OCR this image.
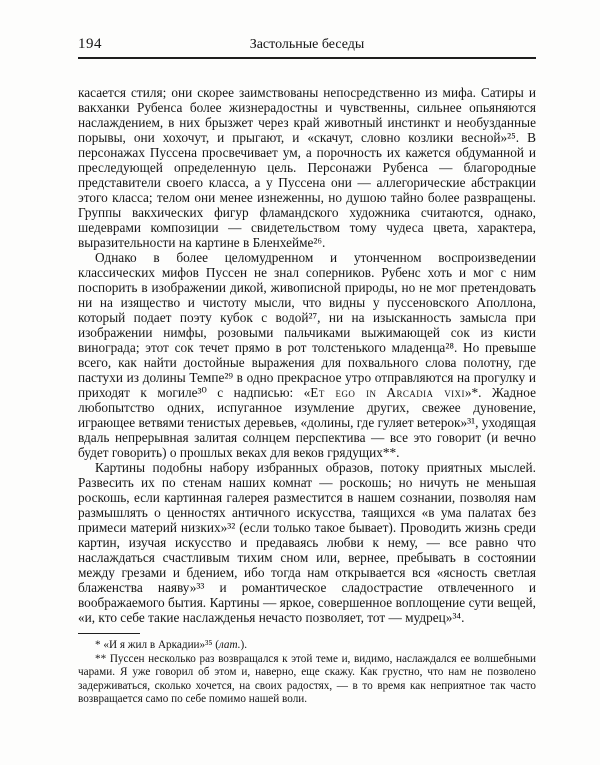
194	Застольные беседы

касается стиля; они скорее заимствованы непосредственно из мифа. Сатиры и вакханки Рубенса более жизнерадостны и чувственны, сильнее опьяняются наслаждением, в них брызжет через край животный инстинкт и необузданные порывы, они хохочут, и прыгают, и «скачут, словно козлики весной»²⁵. В персонажах Пуссена просвечивает ум, а порочность их кажется обдуманной и преследующей определенную цель. Персонажи Рубенса — благородные представители своего класса, а у Пуссена они — аллегорические абстракции этого класса; телом они менее изнеженны, но душою тайно более развращены. Группы вакхических фигур фламандского художника считаются, однако, шедеврами композиции — свидетельством тому чудеса цвета, характера, выразительности на картине в Бленхейме²⁶.

Однако в более целомудренном и утонченном воспроизведении классических мифов Пуссен не знал соперников. Рубенс хоть и мог с ним поспорить в изображении дикой, живописной природы, но не мог претендовать ни на изящество и чистоту мысли, что видны у пуссеновского Аполлона, который подает поэту кубок с водой²⁷, ни на изысканность замысла при изображении нимфы, розовыми пальчиками выжимающей сок из кисти винограда; этот сок течет прямо в рот толстенького младенца²⁸. Но превыше всего, как найти достойные выражения для похвального слова полотну, где пастухи из долины Темпе²⁹ в одно прекрасное утро отправляются на прогулку и приходят к могиле³⁰ с надписью: «Et ego in Arcadia vixi»*. Жадное любопытство одних, испуганное изумление других, свежее дуновение, играющее ветвями тенистых деревьев, «долины, где гуляет ветерок»³¹, уходящая вдаль непрерывная залитая солнцем перспектива — все это говорит (и вечно будет говорить) о прошлых веках для веков грядущих**.

Картины подобны набору избранных образов, потоку приятных мыслей. Развесить их по стенам наших комнат — роскошь; но ничуть не меньшая роскошь, если картинная галерея разместится в нашем сознании, позволяя нам размышлять о ценностях античного искусства, таящихся «в ума палатах без примеси материй низких»³² (если только такое бывает). Проводить жизнь среди картин, изучая искусство и предаваясь любви к нему, — все равно что наслаждаться счастливым тихим сном или, вернее, пребывать в состоянии между грезами и бдением, ибо тогда нам открывается вся «ясность светлая блаженства наяву»³³ и романтическое сладострастие отвлеченного и воображаемого бытия. Картины — яркое, совершенное воплощение сути вещей, «и, кто себе такие наслажденья нечасто позволяет, тот — мудрец»³⁴.

* «И я жил в Аркадии»³⁵ (лат.).

** Пуссен несколько раз возвращался к этой теме и, видимо, наслаждался ее волшебными чарами. Я уже говорил об этом и, наверно, еще скажу. Как грустно, что нам не позволено задерживаться, сколько хочется, на своих радостях, — в то время как неприятное так часто возвращается само по себе помимо нашей воли.
